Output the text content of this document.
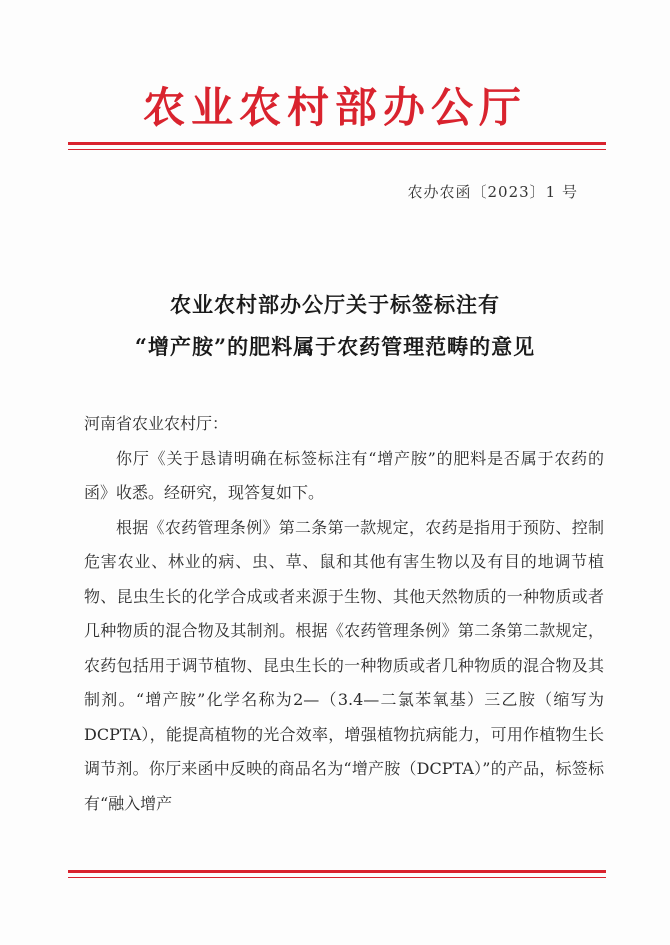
农业农村部办公厅
农办农函〔2023〕1 号
农业农村部办公厅关于标签标注有
“增产胺”的肥料属于农药管理范畴的意见

河南省农业农村厅：

你厅《关于恳请明确在标签标注有“增产胺”的肥料是否属于农药的函》收悉。经研究，现答复如下。

根据《农药管理条例》第二条第一款规定，农药是指用于预防、控制危害农业、林业的病、虫、草、鼠和其他有害生物以及有目的地调节植物、昆虫生长的化学合成或者来源于生物、其他天然物质的一种物质或者几种物质的混合物及其制剂。根据《农药管理条例》第二条第二款规定，农药包括用于调节植物、昆虫生长的一种物质或者几种物质的混合物及其制剂。“增产胺”化学名称为2—（3.4—二氯苯氧基）三乙胺（缩写为 DCPTA），能提高植物的光合效率，增强植物抗病能力，可用作植物生长调节剂。你厅来函中反映的商品名为“增产胺（DCPTA）”的产品，标签标有“融入增产
